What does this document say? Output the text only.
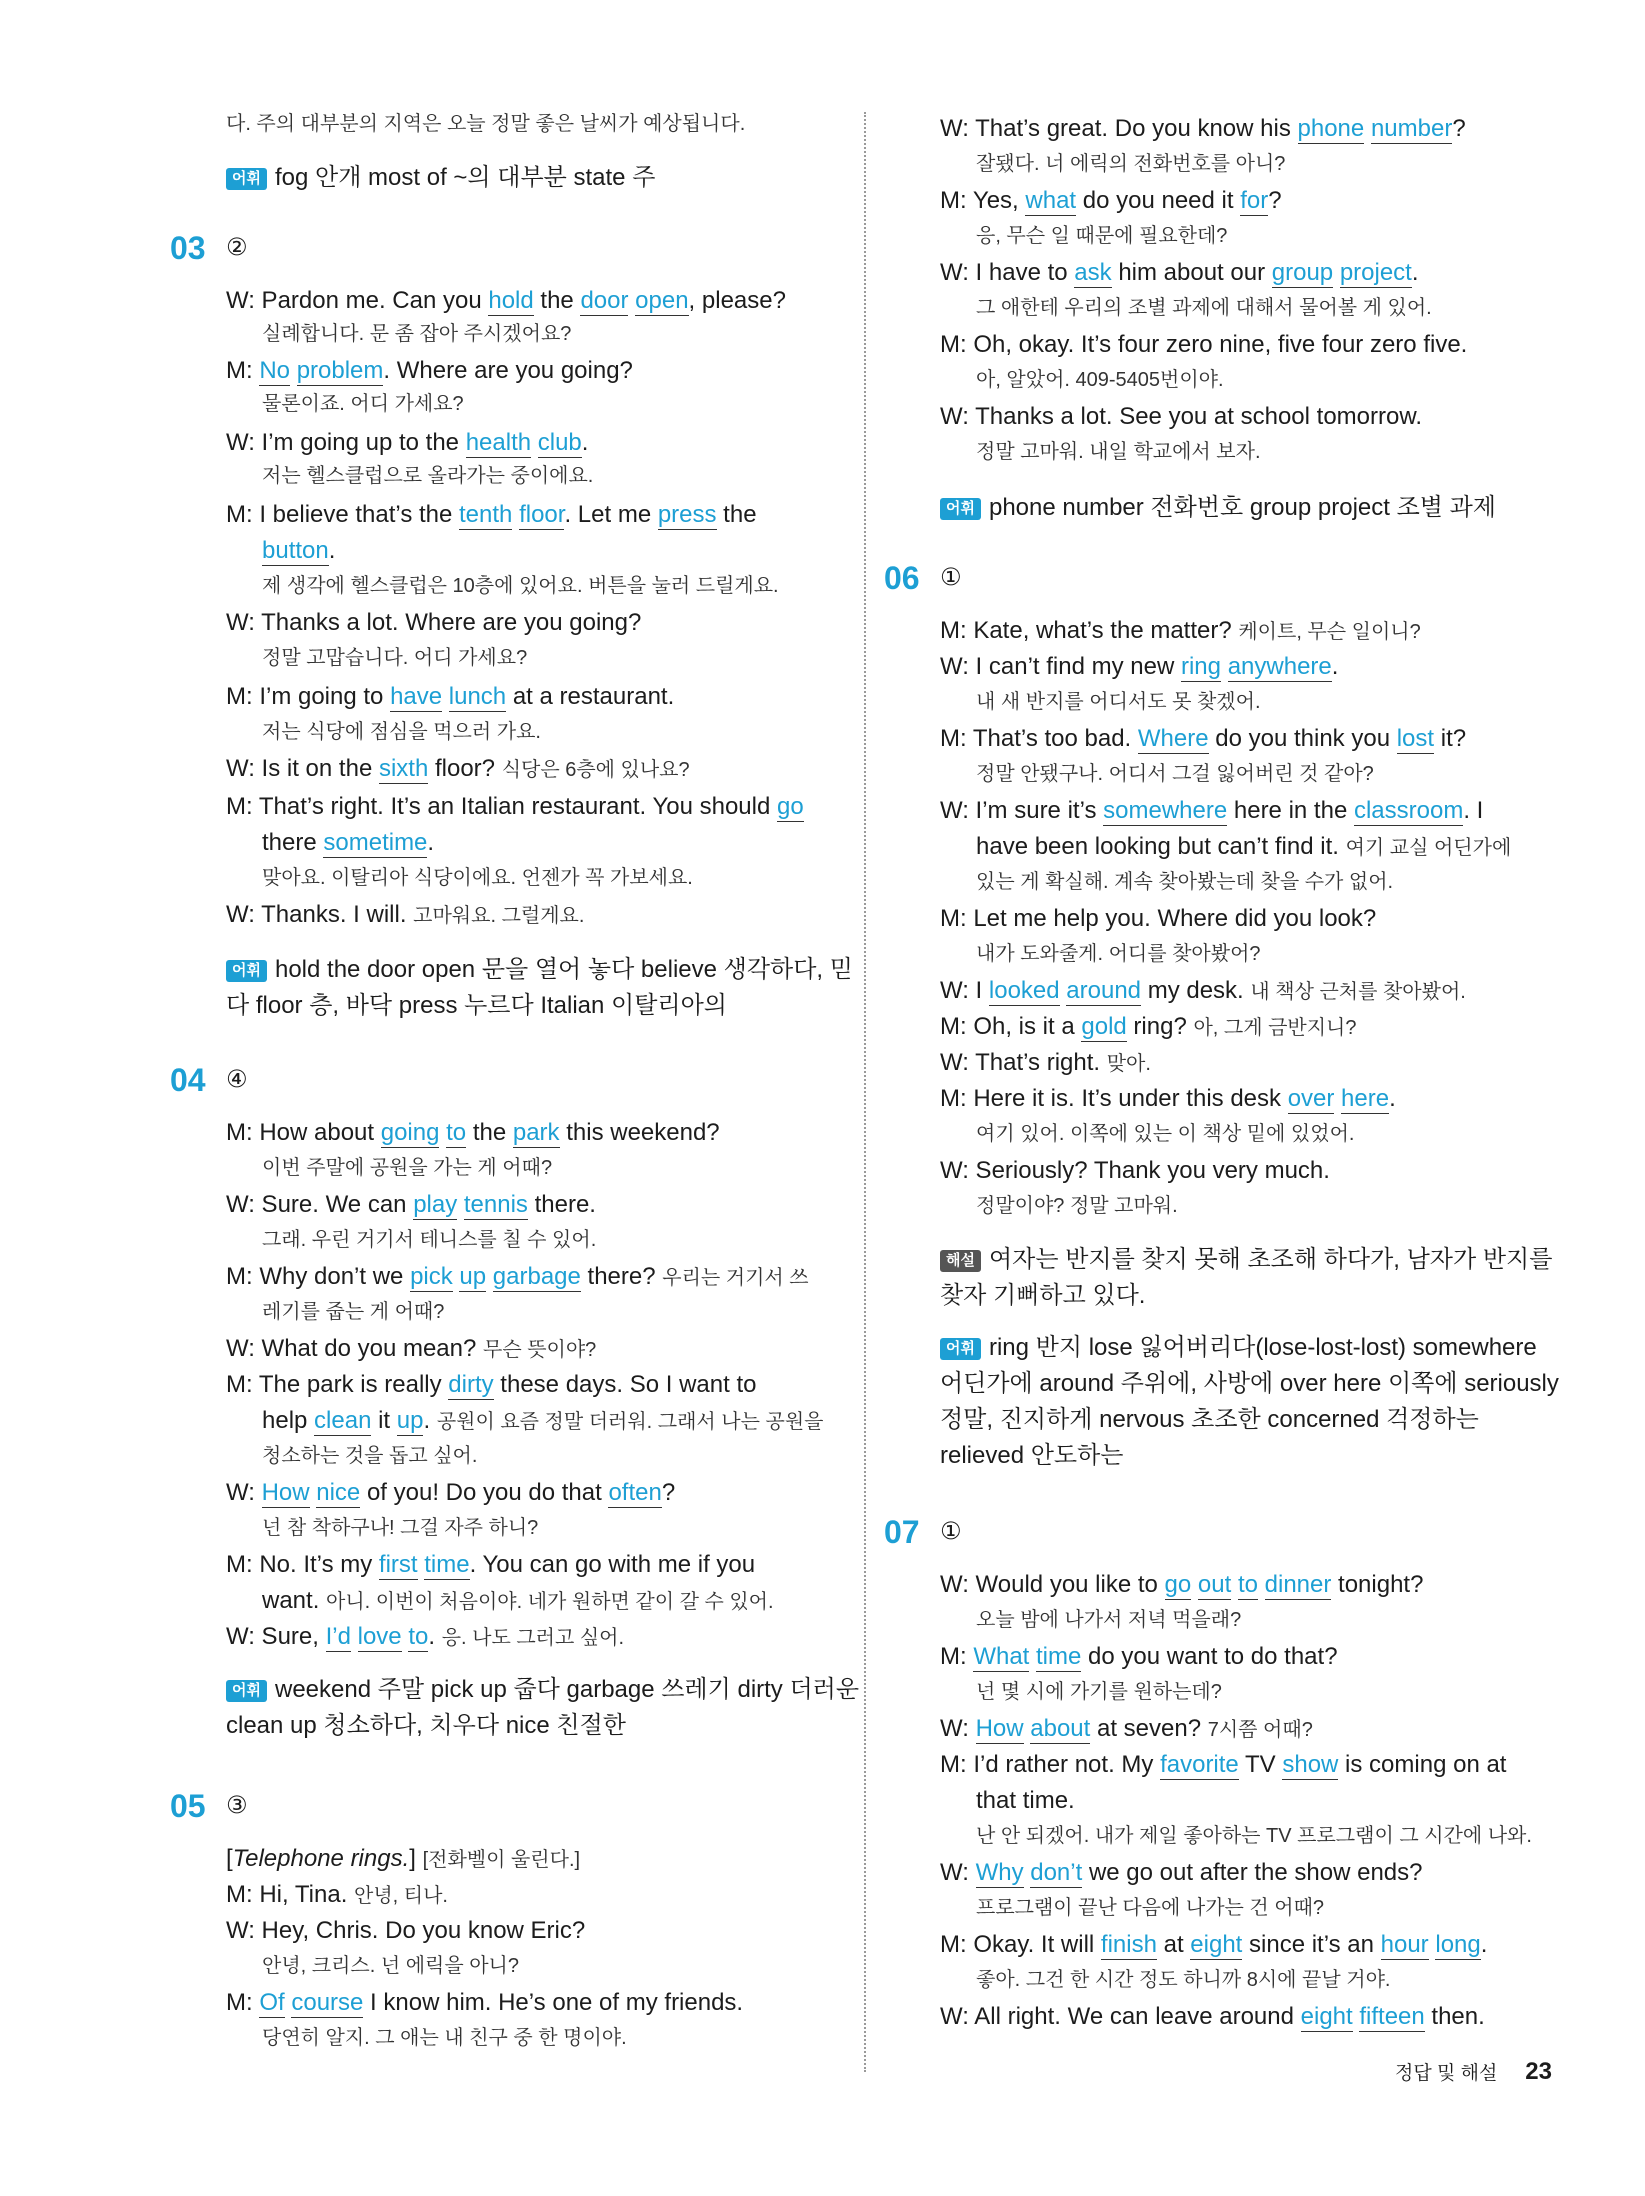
다. 주의 대부분의 지역은 오늘 정말 좋은 날씨가 예상됩니다.
어휘 fog 안개 most of ~의 대부분 state 주
03 ②
W: Pardon me. Can you hold the door open, please?
실례합니다. 문 좀 잡아 주시겠어요?
M: No problem. Where are you going?
물론이죠. 어디 가세요?
W: I’m going up to the health club.
저는 헬스클럽으로 올라가는 중이에요.
M: I believe that’s the tenth floor. Let me press the
button.
제 생각에 헬스클럽은 10층에 있어요. 버튼을 눌러 드릴게요.
W: Thanks a lot. Where are you going?
정말 고맙습니다. 어디 가세요?
M: I’m going to have lunch at a restaurant.
저는 식당에 점심을 먹으러 가요.
W: Is it on the sixth floor? 식당은 6층에 있나요?
M: That’s right. It’s an Italian restaurant. You should go
there sometime.
맞아요. 이탈리아 식당이에요. 언젠가 꼭 가보세요.
W: Thanks. I will. 고마워요. 그럴게요.
어휘 hold the door open 문을 열어 놓다 believe 생각하다, 믿다 floor 층, 바닥 press 누르다 Italian 이탈리아의
04 ④
M: How about going to the park this weekend?
이번 주말에 공원을 가는 게 어때?
W: Sure. We can play tennis there.
그래. 우린 거기서 테니스를 칠 수 있어.
M: Why don’t we pick up garbage there? 우리는 거기서 쓰
레기를 줍는 게 어때?
W: What do you mean? 무슨 뜻이야?
M: The park is really dirty these days. So I want to
help clean it up. 공원이 요즘 정말 더러워. 그래서 나는 공원을
청소하는 것을 돕고 싶어.
W: How nice of you! Do you do that often?
넌 참 착하구나! 그걸 자주 하니?
M: No. It’s my first time. You can go with me if you
want. 아니. 이번이 처음이야. 네가 원하면 같이 갈 수 있어.
W: Sure, I’d love to. 응. 나도 그러고 싶어.
어휘 weekend 주말 pick up 줍다 garbage 쓰레기 dirty 더러운 clean up 청소하다, 치우다 nice 친절한
05 ③
[Telephone rings.] [전화벨이 울린다.]
M: Hi, Tina. 안녕, 티나.
W: Hey, Chris. Do you know Eric?
안녕, 크리스. 넌 에릭을 아니?
M: Of course I know him. He’s one of my friends.
당연히 알지. 그 애는 내 친구 중 한 명이야.
W: That’s great. Do you know his phone number?
잘됐다. 너 에릭의 전화번호를 아니?
M: Yes, what do you need it for?
응, 무슨 일 때문에 필요한데?
W: I have to ask him about our group project.
그 애한테 우리의 조별 과제에 대해서 물어볼 게 있어.
M: Oh, okay. It’s four zero nine, five four zero five.
아, 알았어. 409-5405번이야.
W: Thanks a lot. See you at school tomorrow.
정말 고마워. 내일 학교에서 보자.
어휘 phone number 전화번호 group project 조별 과제
06 ①
M: Kate, what’s the matter? 케이트, 무슨 일이니?
W: I can’t find my new ring anywhere.
내 새 반지를 어디서도 못 찾겠어.
M: That’s too bad. Where do you think you lost it?
정말 안됐구나. 어디서 그걸 잃어버린 것 같아?
W: I’m sure it’s somewhere here in the classroom. I
have been looking but can’t find it. 여기 교실 어딘가에
있는 게 확실해. 계속 찾아봤는데 찾을 수가 없어.
M: Let me help you. Where did you look?
내가 도와줄게. 어디를 찾아봤어?
W: I looked around my desk. 내 책상 근처를 찾아봤어.
M: Oh, is it a gold ring? 아, 그게 금반지니?
W: That’s right. 맞아.
M: Here it is. It’s under this desk over here.
여기 있어. 이쪽에 있는 이 책상 밑에 있었어.
W: Seriously? Thank you very much.
정말이야? 정말 고마워.
해설 여자는 반지를 찾지 못해 초조해 하다가, 남자가 반지를 찾자 기뻐하고 있다.
어휘 ring 반지 lose 잃어버리다(lose-lost-lost) somewhere 어딘가에 around 주위에, 사방에 over here 이쪽에 seriously 정말, 진지하게 nervous 초조한 concerned 걱정하는 relieved 안도하는
07 ①
W: Would you like to go out to dinner tonight?
오늘 밤에 나가서 저녁 먹을래?
M: What time do you want to do that?
넌 몇 시에 가기를 원하는데?
W: How about at seven? 7시쯤 어때?
M: I’d rather not. My favorite TV show is coming on at
that time.
난 안 되겠어. 내가 제일 좋아하는 TV 프로그램이 그 시간에 나와.
W: Why don’t we go out after the show ends?
프로그램이 끝난 다음에 나가는 건 어때?
M: Okay. It will finish at eight since it’s an hour long.
좋아. 그건 한 시간 정도 하니까 8시에 끝날 거야.
W: All right. We can leave around eight fifteen then.
정답 및 해설 23
